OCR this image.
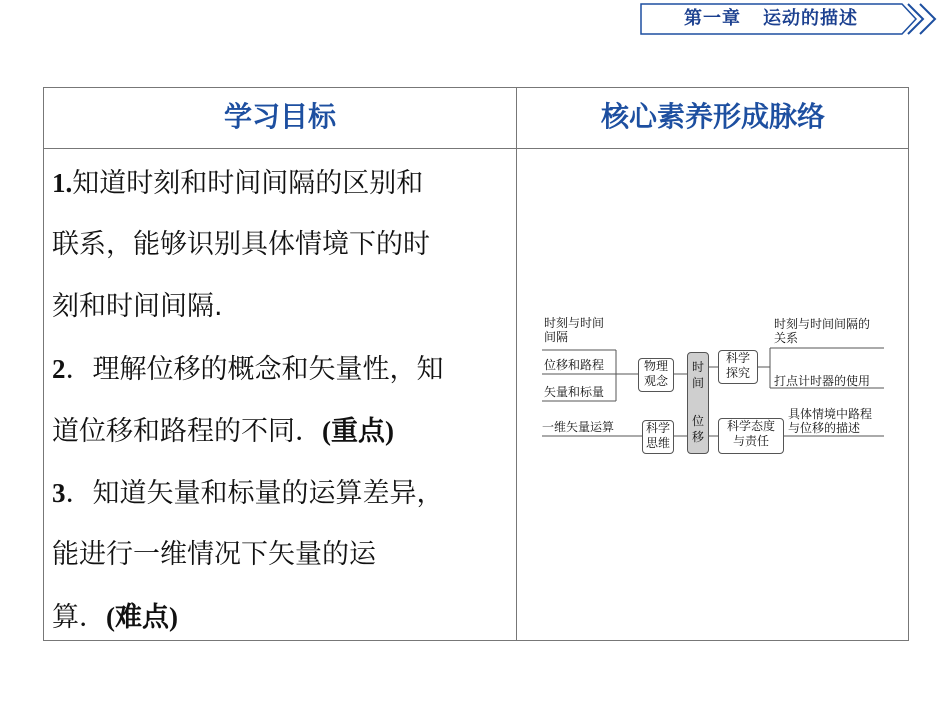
第一章 运动的描述
学习目标	核心素养形成脉络
1.知道时刻和时间间隔的区别和
联系，能够识别具体情境下的时
刻和时间间隔.
2．理解位移的概念和矢量性，知
道位移和路程的不同．(重点)
3．知道矢量和标量的运算差异，
能进行一维情况下矢量的运
算．(难点)
时刻与时间
间隔
位移和路程
矢量和标量
一维矢量运算
物理
观念
科学
思维
时
间
位
移
科学
探究
科学态度
与责任
时刻与时间间隔的
关系
打点计时器的使用
具体情境中路程
与位移的描述
